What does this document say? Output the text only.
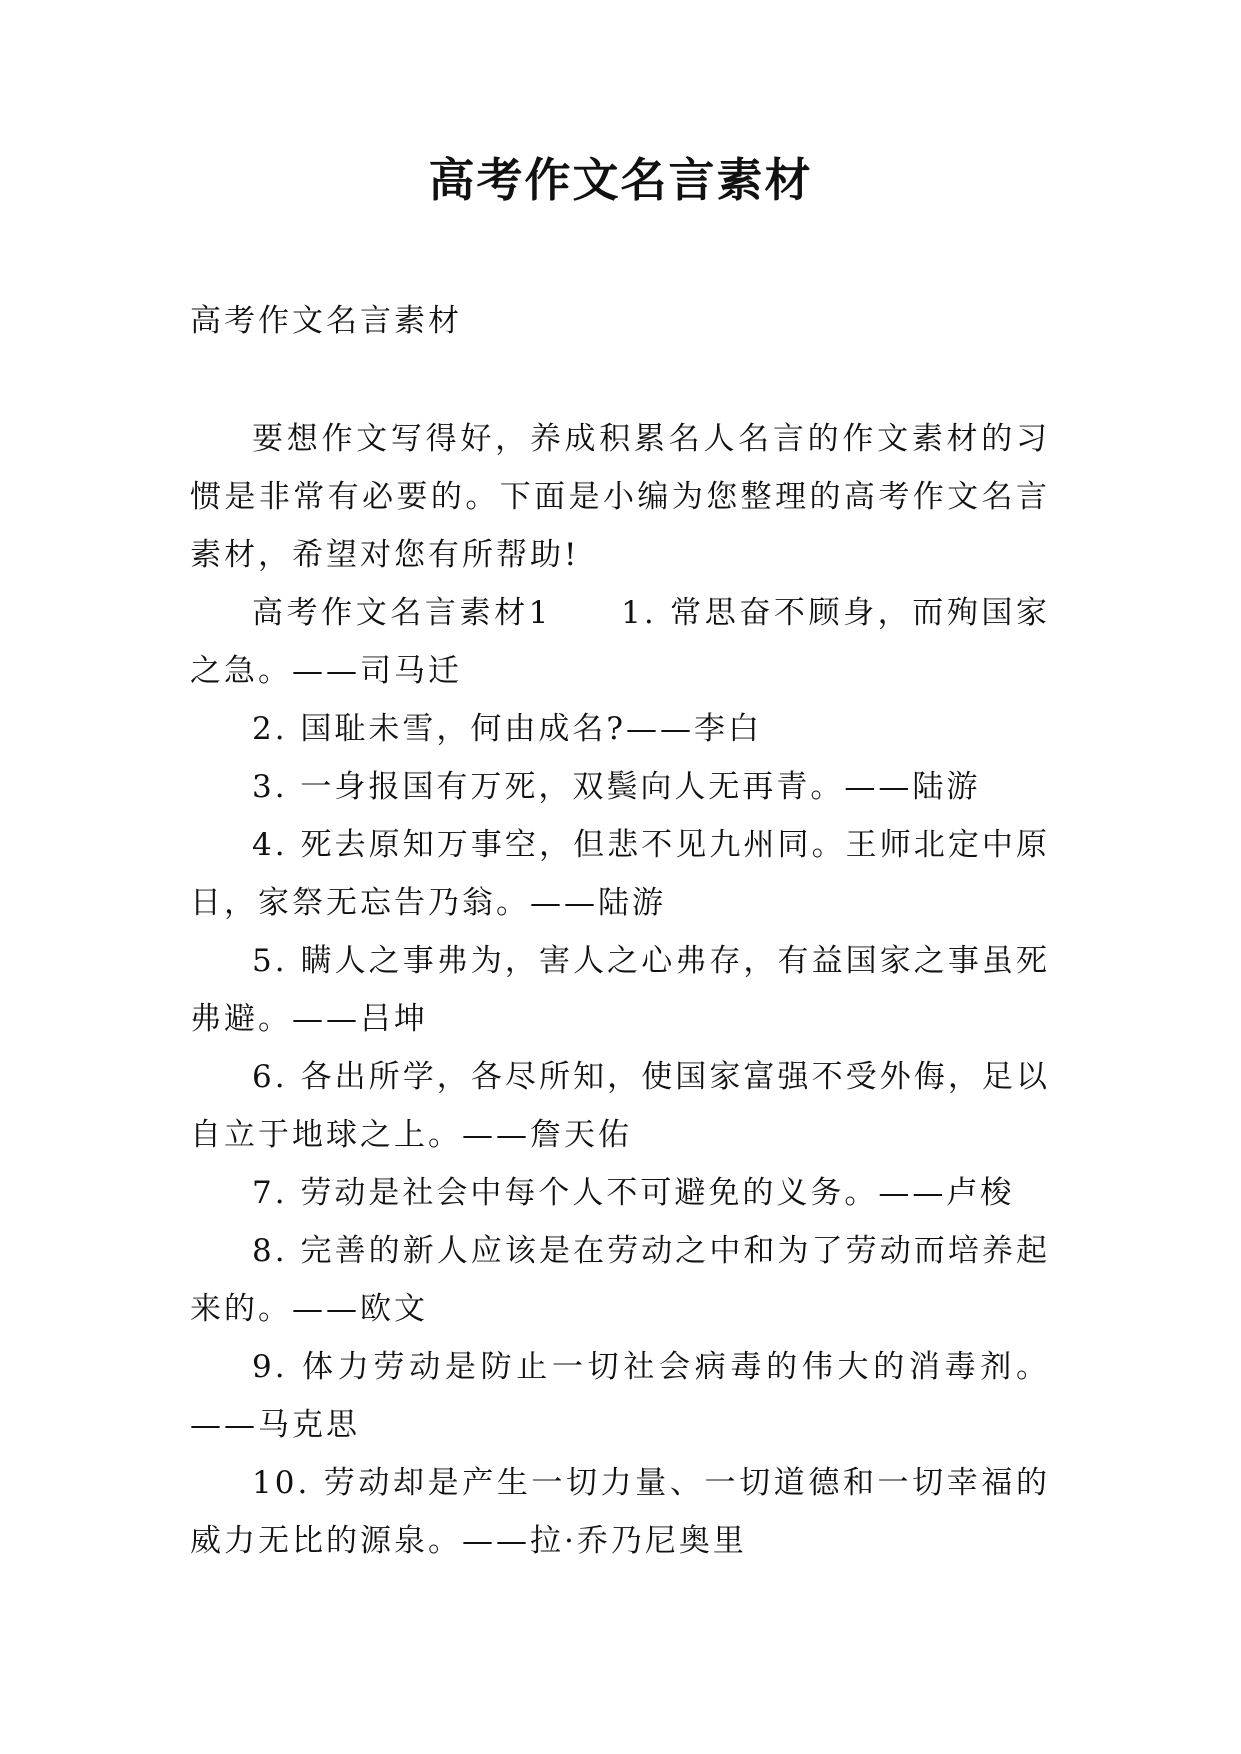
高考作文名言素材

高考作文名言素材

要想作文写得好，养成积累名人名言的作文素材的习惯是非常有必要的。下面是小编为您整理的高考作文名言素材，希望对您有所帮助!

高考作文名言素材1　　1. 常思奋不顾身，而殉国家之急。——司马迁

2. 国耻未雪，何由成名?——李白

3. 一身报国有万死，双鬓向人无再青。——陆游

4. 死去原知万事空，但悲不见九州同。王师北定中原日，家祭无忘告乃翁。——陆游

5. 瞒人之事弗为，害人之心弗存，有益国家之事虽死弗避。——吕坤

6. 各出所学，各尽所知，使国家富强不受外侮，足以自立于地球之上。——詹天佑

7. 劳动是社会中每个人不可避免的义务。——卢梭

8. 完善的新人应该是在劳动之中和为了劳动而培养起来的。——欧文

9. 体力劳动是防止一切社会病毒的伟大的消毒剂。——马克思

10. 劳动却是产生一切力量、一切道德和一切幸福的威力无比的源泉。——拉·乔乃尼奥里
